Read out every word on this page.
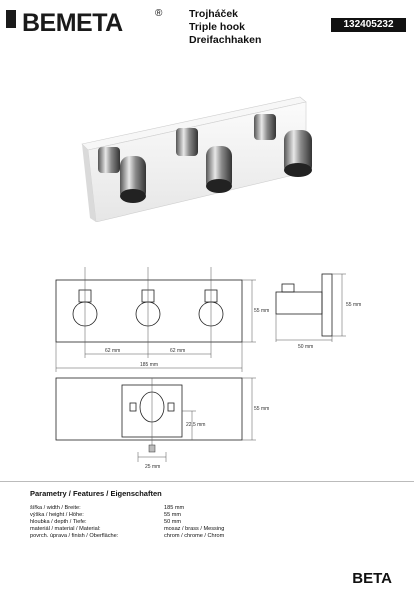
BEMETA	®	Trojháček
Triple hook
Dreifachhaken
132405232
62 mm	62 mm
185 mm
55 mm
55 mm
50 mm
55 mm
22,5 mm
25 mm
Parametry / Features / Eigenschaften
šířka / width / Breite:	185 mm
výška / height / Höhe:	55 mm
hloubka / depth / Tiefe:	50 mm
materiál / material / Material:	mosaz / brass / Messing
povrch. úprava / finish / Oberfläche:	chrom / chrome / Chrom
BETA
